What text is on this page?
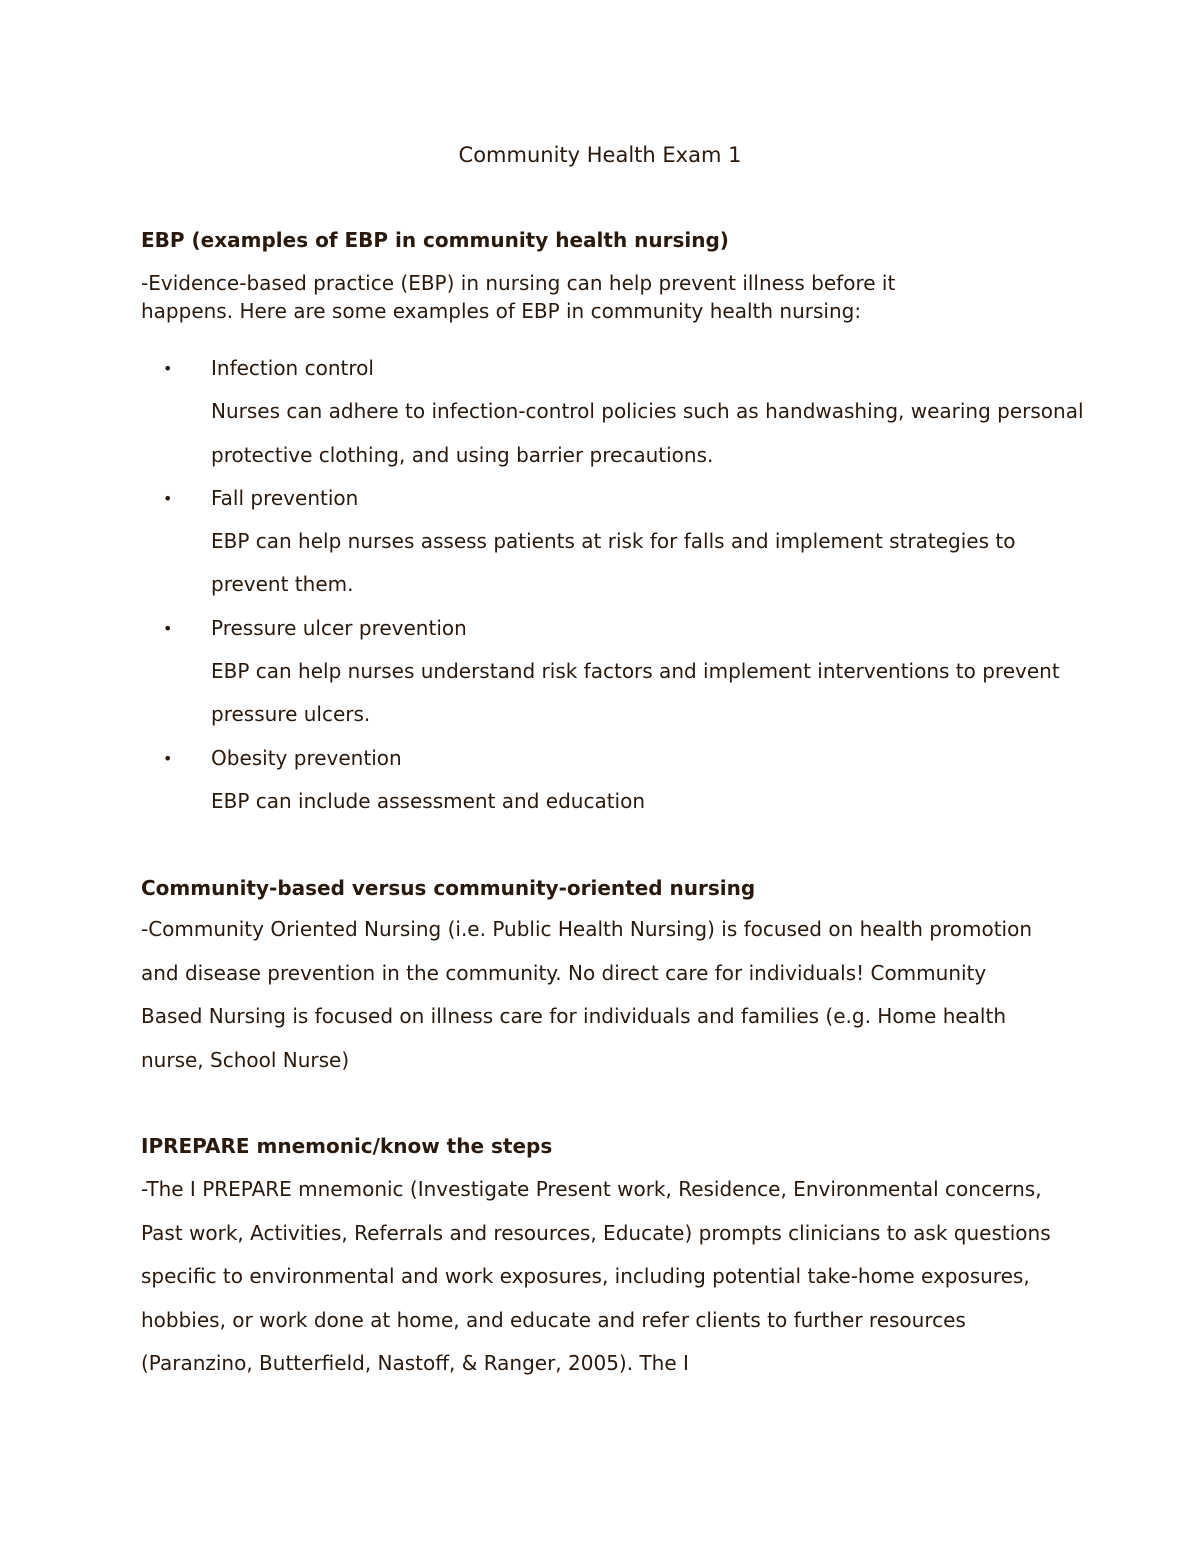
Community Health Exam 1
EBP (examples of EBP in community health nursing)
-Evidence-based practice (EBP) in nursing can help prevent illness before it happens. Here are some examples of EBP in community health nursing:
• Infection control
Nurses can adhere to infection-control policies such as handwashing, wearing personal protective clothing, and using barrier precautions.
• Fall prevention
EBP can help nurses assess patients at risk for falls and implement strategies to prevent them.
• Pressure ulcer prevention
EBP can help nurses understand risk factors and implement interventions to prevent pressure ulcers.
• Obesity prevention
EBP can include assessment and education
Community-based versus community-oriented nursing
-Community Oriented Nursing (i.e. Public Health Nursing) is focused on health promotion and disease prevention in the community. No direct care for individuals! Community Based Nursing is focused on illness care for individuals and families (e.g. Home health nurse, School Nurse)
IPREPARE mnemonic/know the steps
-The I PREPARE mnemonic (Investigate Present work, Residence, Environmental concerns, Past work, Activities, Referrals and resources, Educate) prompts clinicians to ask questions specific to environmental and work exposures, including potential take-home exposures, hobbies, or work done at home, and educate and refer clients to further resources (Paranzino, Butterfield, Nastoff, & Ranger, 2005). The I
